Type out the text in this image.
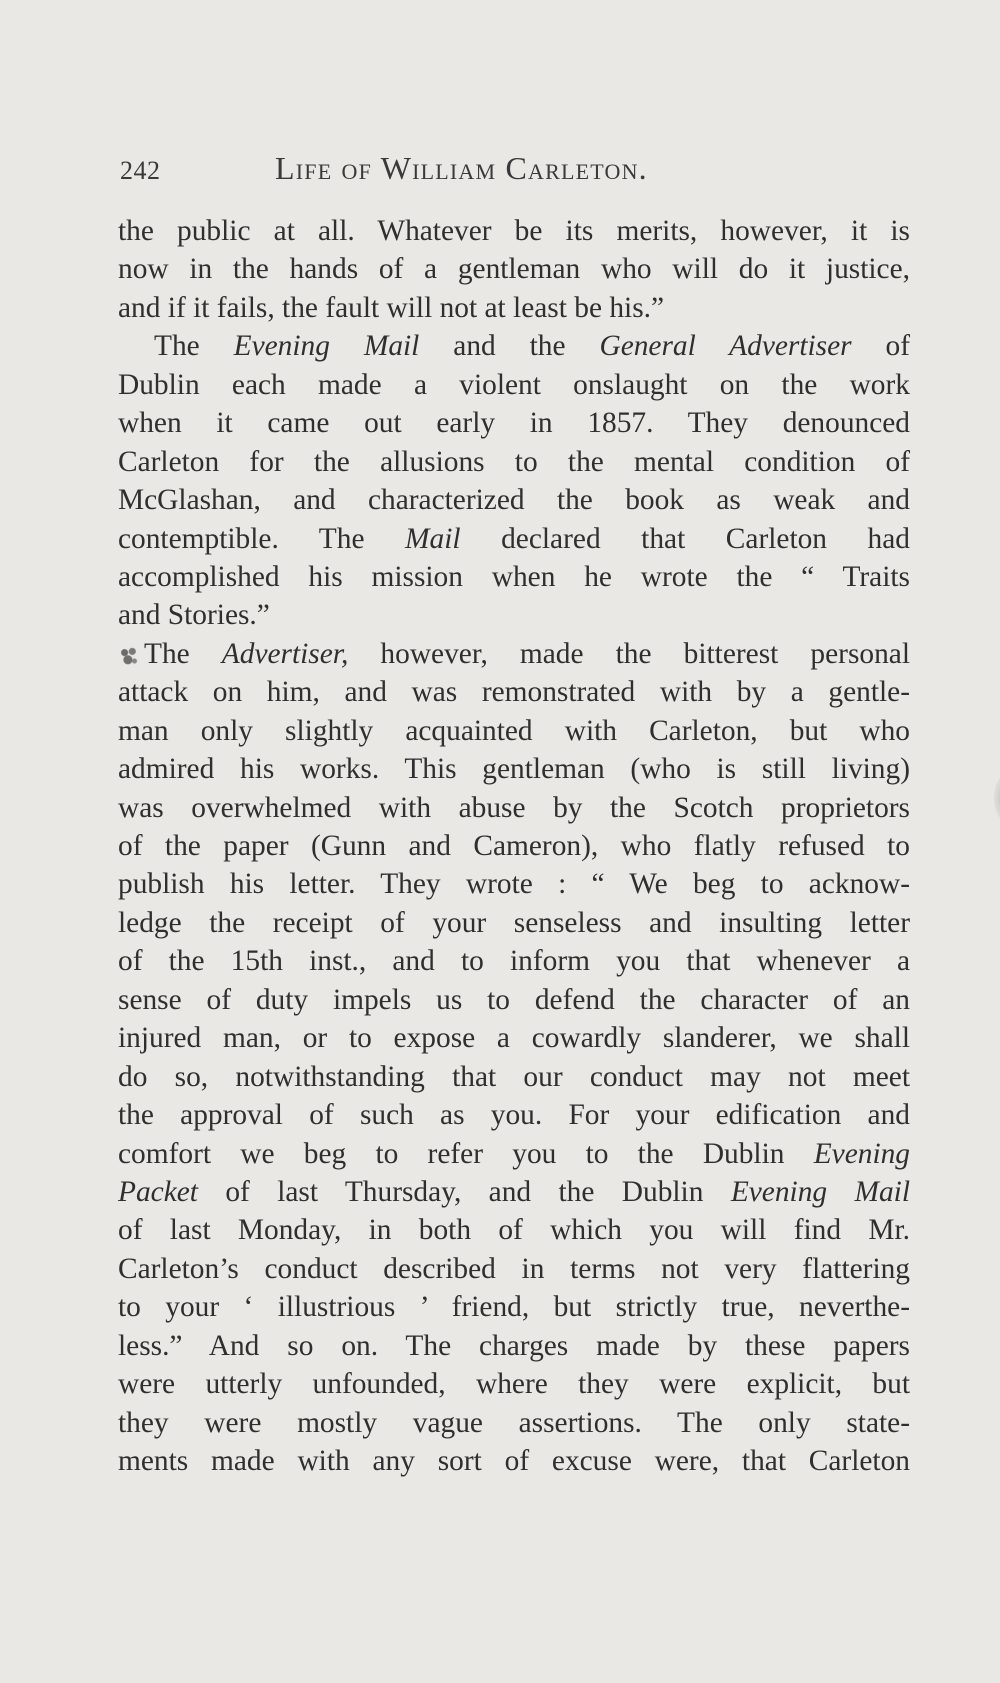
242	Life of William Carleton.
the public at all. Whatever be its merits, however, it is
now in the hands of a gentleman who will do it justice,
and if it fails, the fault will not at least be his.”
The Evening Mail and the General Advertiser of
Dublin each made a violent onslaught on the work
when it came out early in 1857. They denounced
Carleton for the allusions to the mental condition of
McGlashan, and characterized the book as weak and
contemptible. The Mail declared that Carleton had
accomplished his mission when he wrote the “ Traits
and Stories.”
The Advertiser, however, made the bitterest personal
attack on him, and was remonstrated with by a gentle-
man only slightly acquainted with Carleton, but who
admired his works. This gentleman (who is still living)
was overwhelmed with abuse by the Scotch proprietors
of the paper (Gunn and Cameron), who flatly refused to
publish his letter. They wrote : “ We beg to acknow-
ledge the receipt of your senseless and insulting letter
of the 15th inst., and to inform you that whenever a
sense of duty impels us to defend the character of an
injured man, or to expose a cowardly slanderer, we shall
do so, notwithstanding that our conduct may not meet
the approval of such as you. For your edification and
comfort we beg to refer you to the Dublin Evening
Packet of last Thursday, and the Dublin Evening Mail
of last Monday, in both of which you will find Mr.
Carleton’s conduct described in terms not very flattering
to your ‘ illustrious ’ friend, but strictly true, neverthe-
less.” And so on. The charges made by these papers
were utterly unfounded, where they were explicit, but
they were mostly vague assertions. The only state-
ments made with any sort of excuse were, that Carleton
